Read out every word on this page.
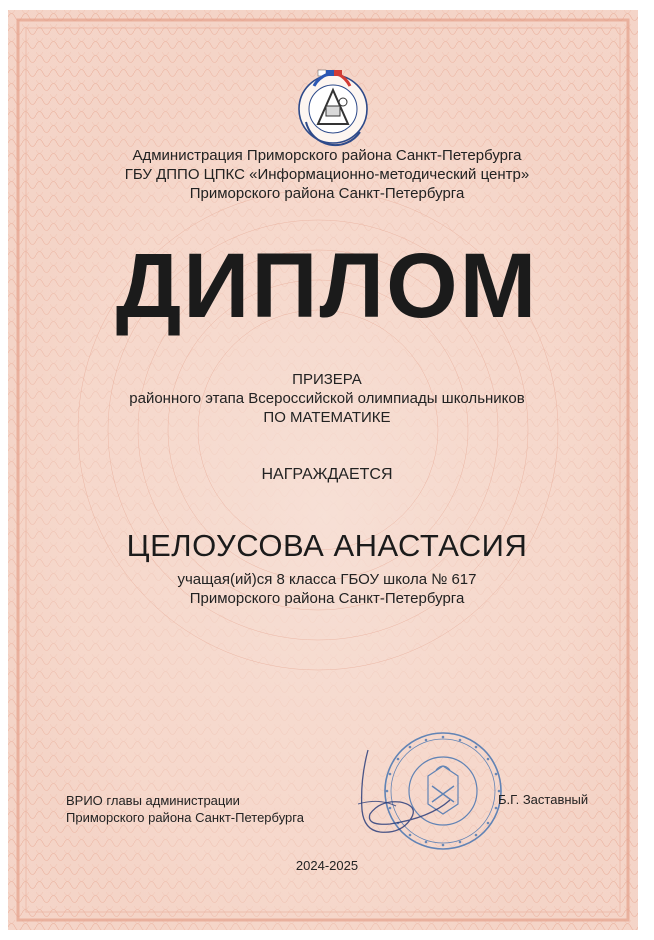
Администрация Приморского района Санкт-Петербурга
ГБУ ДППО ЦПКС «Информационно-методический центр»
Приморского района Санкт-Петербурга
ДИПЛОМ
ПРИЗЕРА
районного этапа Всероссийской олимпиады школьников
ПО МАТЕМАТИКЕ
НАГРАЖДАЕТСЯ
ЦЕЛОУСОВА АНАСТАСИЯ
учащая(ий)ся 8 класса ГБОУ школа № 617
Приморского района Санкт-Петербурга
ВРИО главы администрации
Приморского района Санкт-Петербурга
Б.Г. Заставный
2024-2025
